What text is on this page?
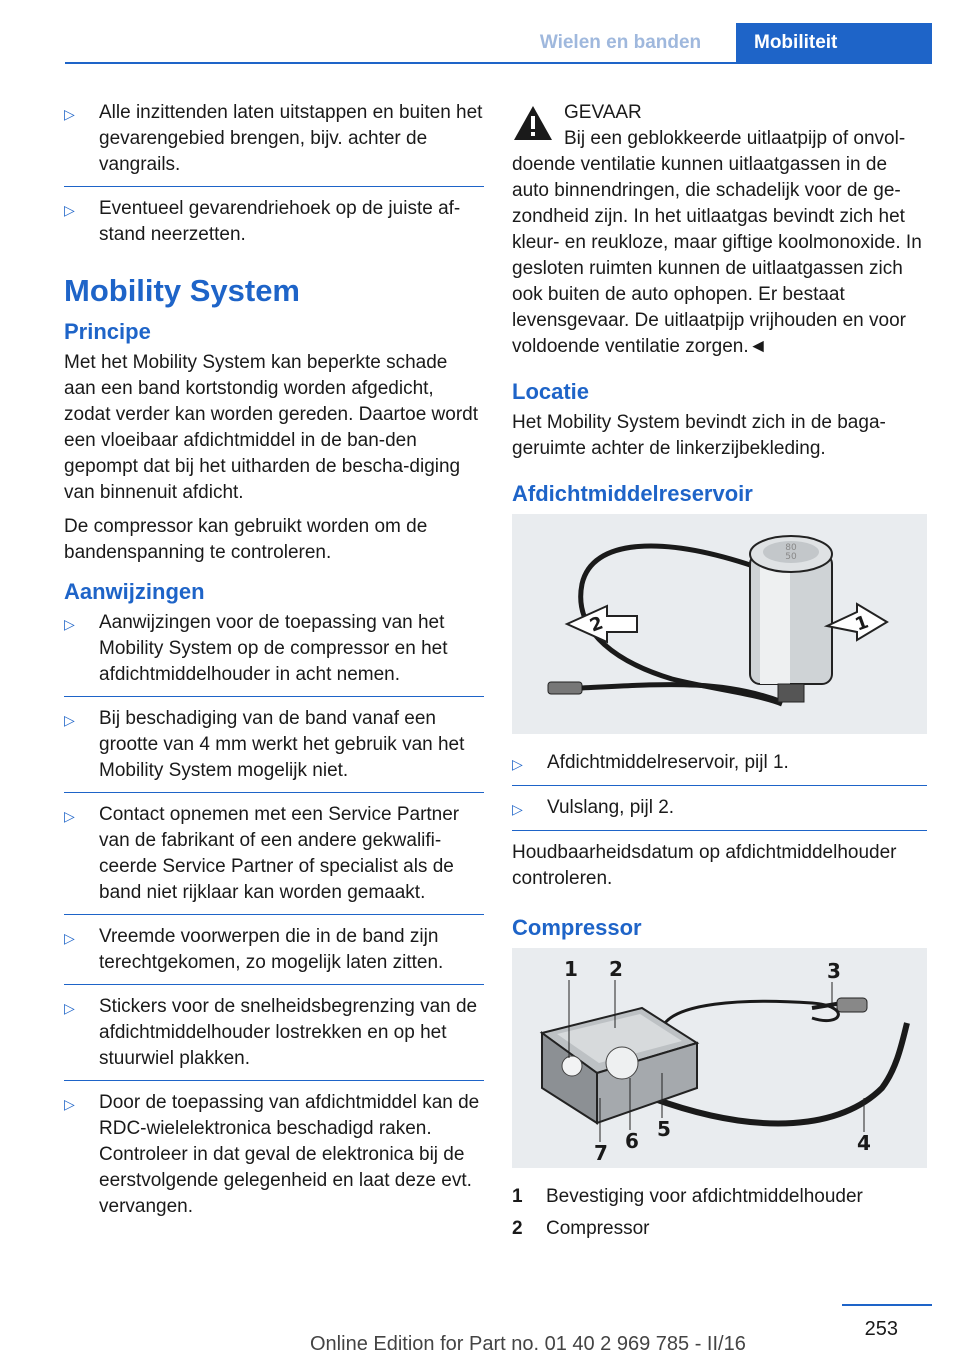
Wielen en banden	Mobiliteit
▷	Alle inzittenden laten uitstappen en buiten het gevarengebied brengen, bijv. achter de vangrails.
▷	Eventueel gevarendriehoek op de juiste af‐stand neerzetten.
Mobility System
Principe

Met het Mobility System kan beperkte schade aan een band kortstondig worden afgedicht, zodat verder kan worden gereden. Daartoe wordt een vloeibaar afdichtmiddel in de ban‐den gepompt dat bij het uitharden de bescha‐diging van binnenuit afdicht.

De compressor kan gebruikt worden om de bandenspanning te controleren.

Aanwijzingen
▷	Aanwijzingen voor de toepassing van het Mobility System op de compressor en het afdichtmiddelhouder in acht nemen.
▷	Bij beschadiging van de band vanaf een grootte van 4 mm werkt het gebruik van het Mobility System mogelijk niet.
▷	Contact opnemen met een Service Partner van de fabrikant of een andere gekwalifi‐ceerde Service Partner of specialist als de band niet rijklaar kan worden gemaakt.
▷	Vreemde voorwerpen die in de band zijn terechtgekomen, zo mogelijk laten zitten.
▷	Stickers voor de snelheidsbegrenzing van de afdichtmiddelhouder lostrekken en op het stuurwiel plakken.
▷	Door de toepassing van afdichtmiddel kan de RDC-wielelektronica beschadigd raken. Controleer in dat geval de elektronica bij de eerstvolgende gelegenheid en laat deze evt. vervangen.
GEVAAR
Bij een geblokkeerde uitlaatpijp of onvol‐
doende ventilatie kunnen uitlaatgassen in de auto binnendringen, die schadelijk voor de ge‐zondheid zijn. In het uitlaatgas bevindt zich het kleur- en reukloze, maar giftige koolmonoxide. In gesloten ruimten kunnen de uitlaatgassen zich ook buiten de auto ophopen. Er bestaat levensgevaar. De uitlaatpijp vrijhouden en voor voldoende ventilatie zorgen.◄
Locatie

Het Mobility System bevindt zich in de baga‐geruimte achter de linkerzijbekleding.

Afdichtmiddelreservoir
80
50
2	1
▷	Afdichtmiddelreservoir, pijl 1.
▷	Vulslang, pijl 2.

Houdbaarheidsdatum op afdichtmiddelhouder controleren.

Compressor
1 2	3
4
5
6
7
1	Bevestiging voor afdichtmiddelhouder
2	Compressor
253
Online Edition for Part no. 01 40 2 969 785 - II/16
